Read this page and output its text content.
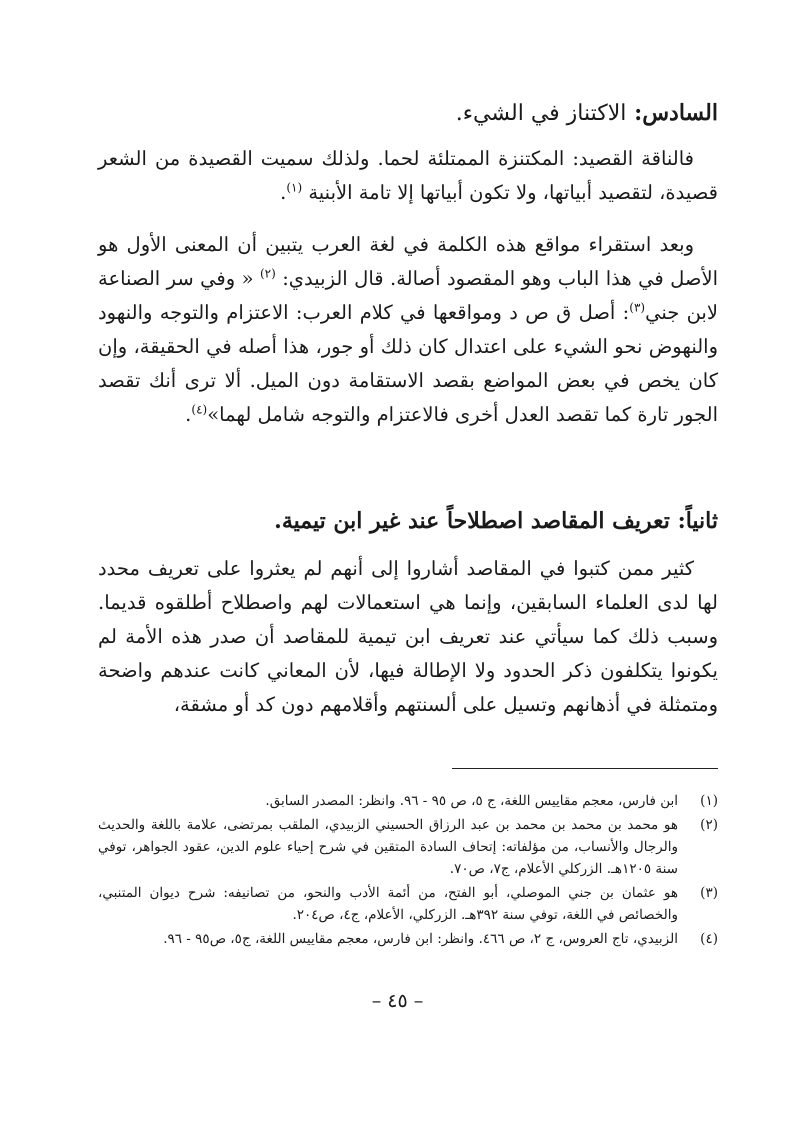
السادس: الاكتناز في الشيء.

فالناقة القصيد: المكتنزة الممتلئة لحما. ولذلك سميت القصيدة من الشعر قصيدة، لتقصيد أبياتها، ولا تكون أبياتها إلا تامة الأبنية $^{(١)}$.

وبعد استقراء مواقع هذه الكلمة في لغة العرب يتبين أن المعنى الأول هو الأصل في هذا الباب وهو المقصود أصالة. قال الزبيدي: $^{(٢)}$ « وفي سر الصناعة لابن جني$^{(٣)}$: أصل ق ص د ومواقعها في كلام العرب: الاعتزام والتوجه والنهود والنهوض نحو الشيء على اعتدال كان ذلك أو جور، هذا أصله في الحقيقة، وإن كان يخص في بعض المواضع بقصد الاستقامة دون الميل. ألا ترى أنك تقصد الجور تارة كما تقصد العدل أخرى فالاعتزام والتوجه شامل لهما»$^{(٤)}$.

ثانياً: تعريف المقاصد اصطلاحاً عند غير ابن تيمية.

كثير ممن كتبوا في المقاصد أشاروا إلى أنهم لم يعثروا على تعريف محدد لها لدى العلماء السابقين، وإنما هي استعمالات لهم واصطلاح أطلقوه قديما. وسبب ذلك كما سيأتي عند تعريف ابن تيمية للمقاصد أن صدر هذه الأمة لم يكونوا يتكلفون ذكر الحدود ولا الإطالة فيها، لأن المعاني كانت عندهم واضحة ومتمثلة في أذهانهم وتسيل على ألسنتهم وأقلامهم دون كد أو مشقة،

(١)
ابن فارس، معجم مقاييس اللغة، ج ٥، ص ٩٥ - ٩٦. وانظر: المصدر السابق.
(٢)
هو محمد بن محمد بن محمد بن عبد الرزاق الحسيني الزبيدي، الملقب بمرتضى، علامة باللغة والحديث والرجال والأنساب، من مؤلفاته: إتحاف السادة المتقين في شرح إحياء علوم الدين، عقود الجواهر، توفي سنة ١٢٠٥هـ. الزركلي الأعلام، ج٧، ص٧٠.
(٣)
هو عثمان بن جني الموصلي، أبو الفتح، من أئمة الأدب والنحو، من تصانيفه: شرح ديوان المتنبي، والخصائص في اللغة، توفي سنة ٣٩٢هـ. الزركلي، الأعلام، ج٤، ص٢٠٤.
(٤)
الزبيدي، تاج العروس، ج ٢، ص ٤٦٦. وانظر: ابن فارس، معجم مقاييس اللغة، ج٥، ص٩٥ - ٩٦.
– ٤٥ –
